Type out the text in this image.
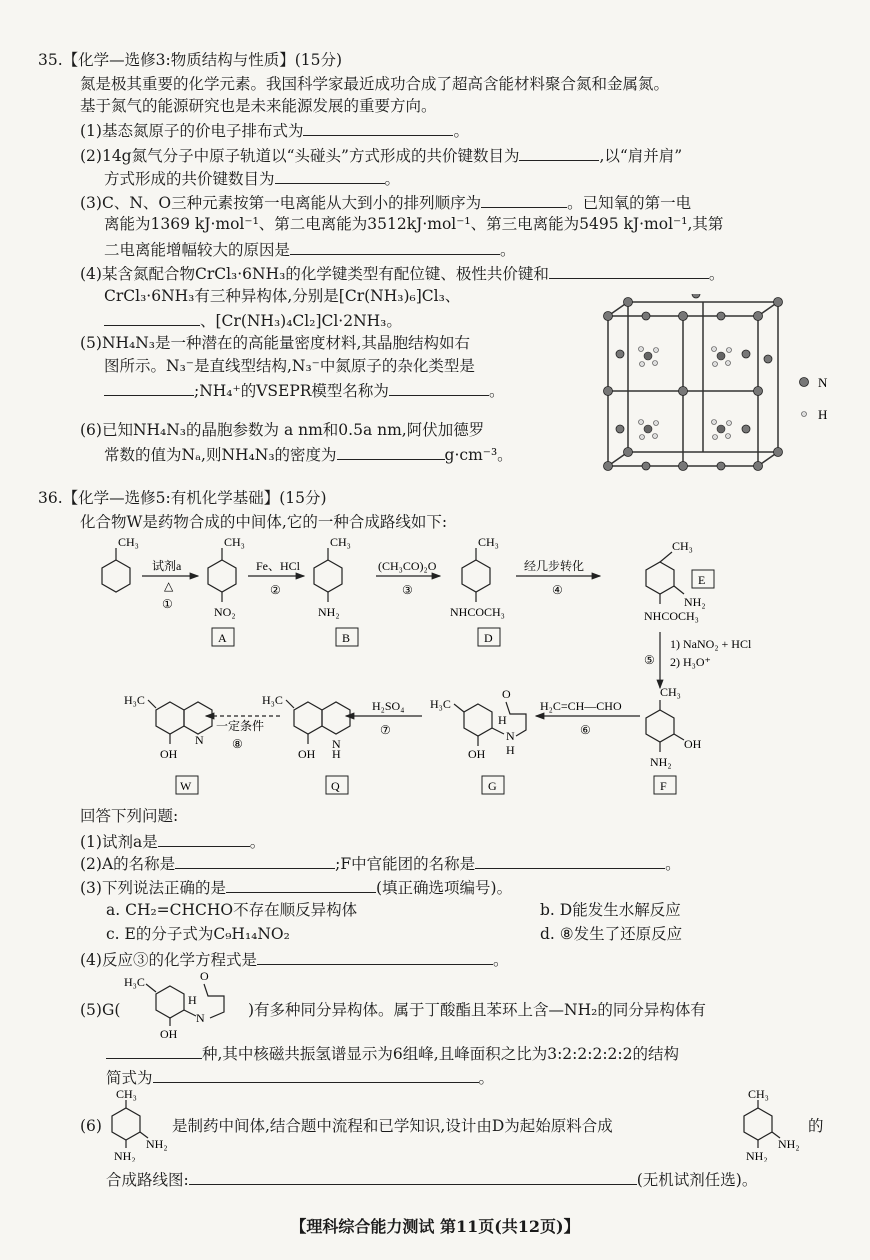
35.【化学—选修3:物质结构与性质】(15分)
氮是极其重要的化学元素。我国科学家最近成功合成了超高含能材料聚合氮和金属氮。
基于氮气的能源研究也是未来能源发展的重要方向。
(1)基态氮原子的价电子排布式为	。
(2)14g氮气分子中原子轨道以“头碰头”方式形成的共价键数目为	,以“肩并肩”
方式形成的共价键数目为	。
(3)C、N、O三种元素按第一电离能从大到小的排列顺序为	。已知氧的第一电
离能为1369 kJ·mol⁻¹、第二电离能为3512kJ·mol⁻¹、第三电离能为5495 kJ·mol⁻¹,其第
二电离能增幅较大的原因是	。
(4)某含氮配合物CrCl₃·6NH₃的化学键类型有配位键、极性共价键和	。
CrCl₃·6NH₃有三种异构体,分别是[Cr(NH₃)₆]Cl₃、
、[Cr(NH₃)₄Cl₂]Cl·2NH₃。
(5)NH₄N₃是一种潜在的高能量密度材料,其晶胞结构如右
图所示。N₃⁻是直线型结构,N₃⁻中氮原子的杂化类型是
;NH₄⁺的VSEPR模型名称为	。
(6)已知NH₄N₃的晶胞参数为 a nm和0.5a nm,阿伏加德罗
常数的值为Nₐ,则NH₄N₃的密度为	g·cm⁻³。
N
H
36.【化学—选修5:有机化学基础】(15分)
化合物W是药物合成的中间体,它的一种合成路线如下:
CH₃
试剂a
△
①
CH₃
NO₂
A
Fe、HCl
②
CH₃
NH₂
B
(CH₃CO)₂O
③
CH₃
NHCOCH₃
D
经几步转化
④
CH₃
NH₂
NHCOCH₃
E
⑤
1) NaNO₂ + HCl
2) H₃O⁺
CH₃
OH
NH₂
F
H₂C=CH—CHO
⑥
H₃C
OH
N
H
H
O
G
H₂SO₄
⑦
H₃C
OH
N
H
Q
一定条件
⑧
H₃C
OH
N
W
回答下列问题:
(1)试剂a是	。
(2)A的名称是	;F中官能团的名称是	。
(3)下列说法正确的是	(填正确选项编号)。
a. CH₂=CHCHO不存在顺反异构体	b. D能发生水解反应
c. E的分子式为C₉H₁₄NO₂	d. ⑧发生了还原反应
(4)反应③的化学方程式是	。
(5)G(
H₃C
OH
N
H
O
)有多种同分异构体。属于丁酸酯且苯环上含—NH₂的同分异构体有
种,其中核磁共振氢谱显示为6组峰,且峰面积之比为3:2:2:2:2:2的结构
简式为	。
(6)
CH₃
NH₂
NH₂
是制药中间体,结合题中流程和已学知识,设计由D为起始原料合成
CH₃
NH₂
NH₂
的
合成路线图:	(无机试剂任选)。
【理科综合能力测试 第11页(共12页)】
